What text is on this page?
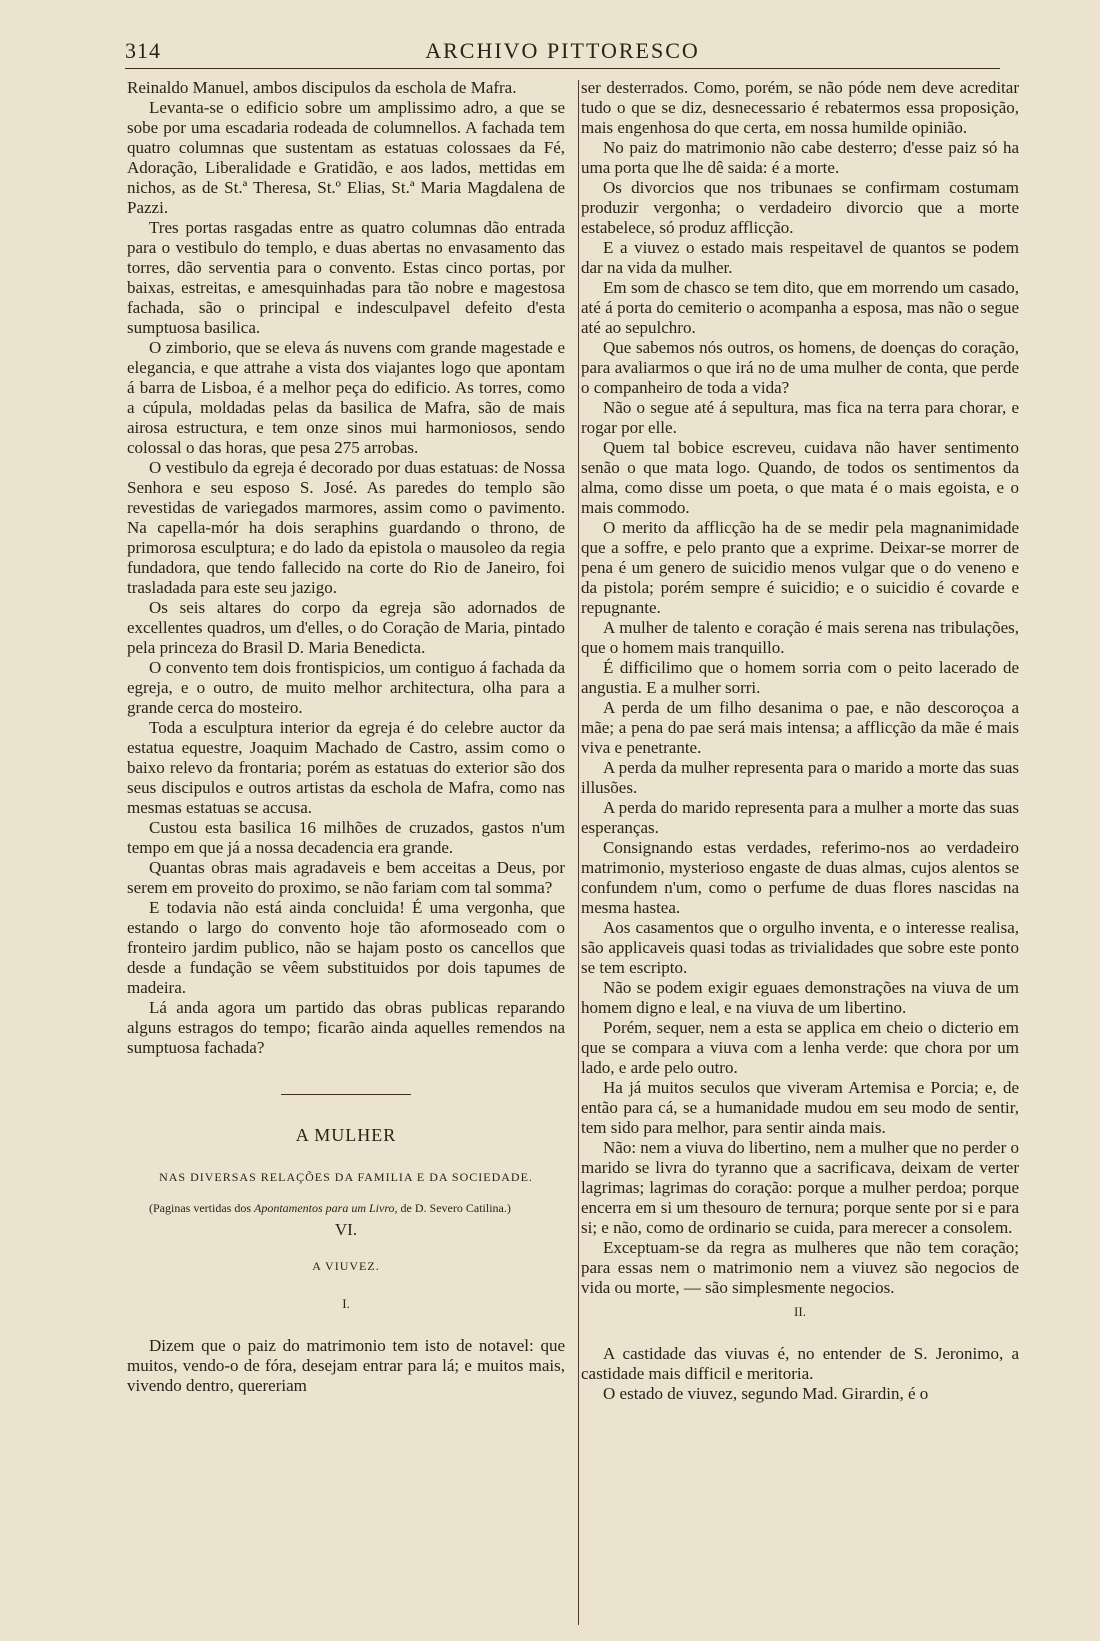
314	ARCHIVO PITTORESCO

Reinaldo Manuel, ambos discipulos da eschola de Mafra.

Levanta-se o edificio sobre um amplissimo adro, a que se sobe por uma escadaria rodeada de columnellos. A fachada tem quatro columnas que sustentam as estatuas colossaes da Fé, Adoração, Liberalidade e Gratidão, e aos lados, mettidas em nichos, as de St.ª Theresa, St.º Elias, St.ª Maria Magdalena de Pazzi.

Tres portas rasgadas entre as quatro columnas dão entrada para o vestibulo do templo, e duas abertas no envasamento das torres, dão serventia para o convento. Estas cinco portas, por baixas, estreitas, e amesquinhadas para tão nobre e magestosa fachada, são o principal e indesculpavel defeito d'esta sumptuosa basilica.

O zimborio, que se eleva ás nuvens com grande magestade e elegancia, e que attrahe a vista dos viajantes logo que apontam á barra de Lisboa, é a melhor peça do edificio. As torres, como a cúpula, moldadas pelas da basilica de Mafra, são de mais airosa estructura, e tem onze sinos mui harmoniosos, sendo colossal o das horas, que pesa 275 arrobas.

O vestibulo da egreja é decorado por duas estatuas: de Nossa Senhora e seu esposo S. José. As paredes do templo são revestidas de variegados marmores, assim como o pavimento. Na capella-mór ha dois seraphins guardando o throno, de primorosa esculptura; e do lado da epistola o mausoleo da regia fundadora, que tendo fallecido na corte do Rio de Janeiro, foi trasladada para este seu jazigo.

Os seis altares do corpo da egreja são adornados de excellentes quadros, um d'elles, o do Coração de Maria, pintado pela princeza do Brasil D. Maria Benedicta.

O convento tem dois frontispicios, um contiguo á fachada da egreja, e o outro, de muito melhor architectura, olha para a grande cerca do mosteiro.

Toda a esculptura interior da egreja é do celebre auctor da estatua equestre, Joaquim Machado de Castro, assim como o baixo relevo da frontaria; porém as estatuas do exterior são dos seus discipulos e outros artistas da eschola de Mafra, como nas mesmas estatuas se accusa.

Custou esta basilica 16 milhões de cruzados, gastos n'um tempo em que já a nossa decadencia era grande.

Quantas obras mais agradaveis e bem acceitas a Deus, por serem em proveito do proximo, se não fariam com tal somma?

E todavia não está ainda concluida! É uma vergonha, que estando o largo do convento hoje tão aformoseado com o fronteiro jardim publico, não se hajam posto os cancellos que desde a fundação se vêem substituidos por dois tapumes de madeira.

Lá anda agora um partido das obras publicas reparando alguns estragos do tempo; ficarão ainda aquelles remendos na sumptuosa fachada?

A MULHER
NAS DIVERSAS RELAÇÕES DA FAMILIA E DA SOCIEDADE.

(Paginas vertidas dos Apontamentos para um Livro, de D. Severo Catilina.)

VI.
A VIUVEZ.
I.

Dizem que o paiz do matrimonio tem isto de notavel: que muitos, vendo-o de fóra, desejam entrar para lá; e muitos mais, vivendo dentro, quereriam

ser desterrados. Como, porém, se não póde nem deve acreditar tudo o que se diz, desnecessario é rebatermos essa proposição, mais engenhosa do que certa, em nossa humilde opinião.

No paiz do matrimonio não cabe desterro; d'esse paiz só ha uma porta que lhe dê saida: é a morte.

Os divorcios que nos tribunaes se confirmam costumam produzir vergonha; o verdadeiro divorcio que a morte estabelece, só produz afflicção.

E a viuvez o estado mais respeitavel de quantos se podem dar na vida da mulher.

Em som de chasco se tem dito, que em morrendo um casado, até á porta do cemiterio o acompanha a esposa, mas não o segue até ao sepulchro.

Que sabemos nós outros, os homens, de doenças do coração, para avaliarmos o que irá no de uma mulher de conta, que perde o companheiro de toda a vida?

Não o segue até á sepultura, mas fica na terra para chorar, e rogar por elle.

Quem tal bobice escreveu, cuidava não haver sentimento senão o que mata logo. Quando, de todos os sentimentos da alma, como disse um poeta, o que mata é o mais egoista, e o mais commodo.

O merito da afflicção ha de se medir pela magnanimidade que a soffre, e pelo pranto que a exprime. Deixar-se morrer de pena é um genero de suicidio menos vulgar que o do veneno e da pistola; porém sempre é suicidio; e o suicidio é covarde e repugnante.

A mulher de talento e coração é mais serena nas tribulações, que o homem mais tranquillo.

É difficilimo que o homem sorria com o peito lacerado de angustia. E a mulher sorri.

A perda de um filho desanima o pae, e não descoroçoa a mãe; a pena do pae será mais intensa; a afflicção da mãe é mais viva e penetrante.

A perda da mulher representa para o marido a morte das suas illusões.

A perda do marido representa para a mulher a morte das suas esperanças.

Consignando estas verdades, referimo-nos ao verdadeiro matrimonio, mysterioso engaste de duas almas, cujos alentos se confundem n'um, como o perfume de duas flores nascidas na mesma hastea.

Aos casamentos que o orgulho inventa, e o interesse realisa, são applicaveis quasi todas as trivialidades que sobre este ponto se tem escripto.

Não se podem exigir eguaes demonstrações na viuva de um homem digno e leal, e na viuva de um libertino.

Porém, sequer, nem a esta se applica em cheio o dicterio em que se compara a viuva com a lenha verde: que chora por um lado, e arde pelo outro.

Ha já muitos seculos que viveram Artemisa e Porcia; e, de então para cá, se a humanidade mudou em seu modo de sentir, tem sido para melhor, para sentir ainda mais.

Não: nem a viuva do libertino, nem a mulher que no perder o marido se livra do tyranno que a sacrificava, deixam de verter lagrimas; lagrimas do coração: porque a mulher perdoa; porque encerra em si um thesouro de ternura; porque sente por si e para si; e não, como de ordinario se cuida, para merecer a consolem.

Exceptuam-se da regra as mulheres que não tem coração; para essas nem o matrimonio nem a viuvez são negocios de vida ou morte, — são simplesmente negocios.

II.

A castidade das viuvas é, no entender de S. Jeronimo, a castidade mais difficil e meritoria.

O estado de viuvez, segundo Mad. Girardin, é o
